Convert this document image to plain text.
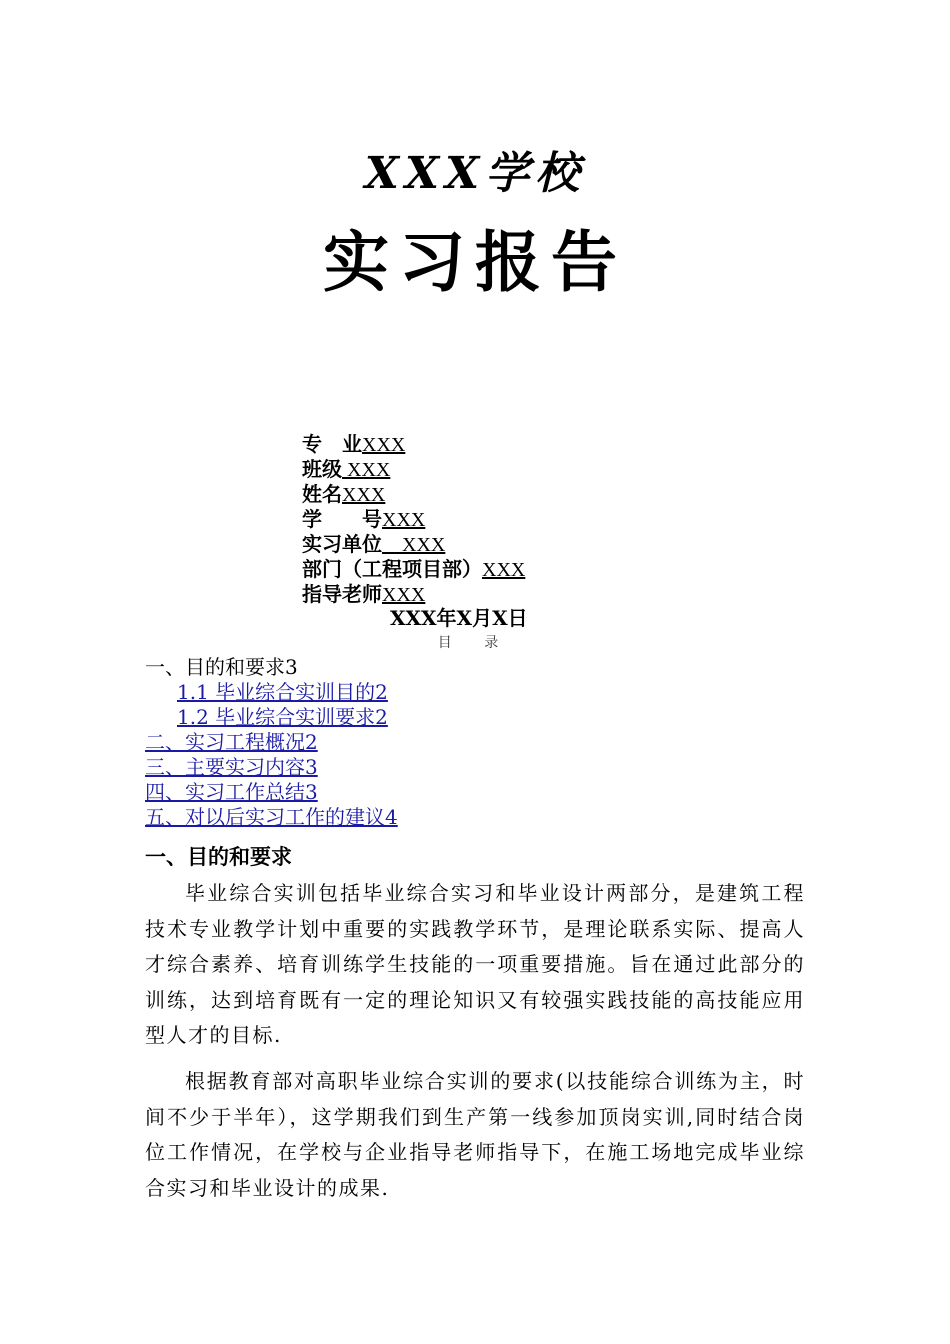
XXX学校
实习报告
专　业XXX
班级 XXX
姓名XXX
学　　号XXX
实习单位　XXX
部门（工程项目部）XXX
指导老师XXX
XXX年X月X日
目 录
一、目的和要求3
1.1 毕业综合实训目的2
1.2 毕业综合实训要求2
二、实习工程概况2
三、主要实习内容3
四、实习工作总结3
五、对以后实习工作的建议4
一、目的和要求

毕业综合实训包括毕业综合实习和毕业设计两部分，是建筑工程技术专业教学计划中重要的实践教学环节，是理论联系实际、提高人才综合素养、培育训练学生技能的一项重要措施。旨在通过此部分的训练，达到培育既有一定的理论知识又有较强实践技能的高技能应用型人才的目标.

根据教育部对高职毕业综合实训的要求(以技能综合训练为主，时间不少于半年），这学期我们到生产第一线参加顶岗实训,同时结合岗位工作情况，在学校与企业指导老师指导下，在施工场地完成毕业综合实习和毕业设计的成果.
